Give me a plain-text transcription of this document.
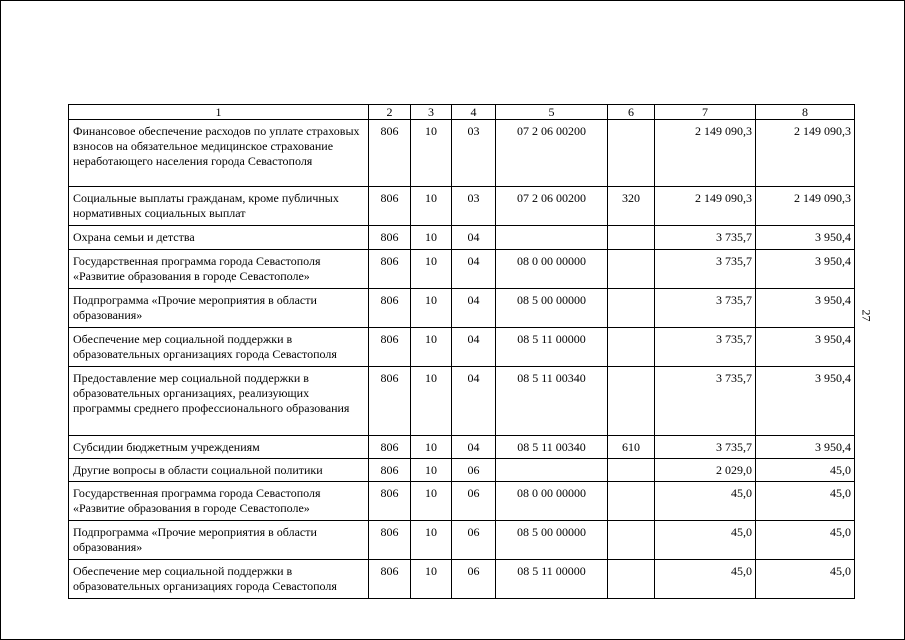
1	2	3	4	5	6	7	8
Финансовое обеспечение расходов по уплате страховых взносов на обязательное медицинское страхование неработающего населения города Севастополя	806	10	03	07 2 06 00200		2 149 090,3	2 149 090,3
Социальные выплаты гражданам, кроме публичных нормативных социальных выплат	806	10	03	07 2 06 00200	320	2 149 090,3	2 149 090,3
Охрана семьи и детства	806	10	04			3 735,7	3 950,4
Государственная программа города Севастополя «Развитие образования в городе Севастополе»	806	10	04	08 0 00 00000		3 735,7	3 950,4
Подпрограмма «Прочие мероприятия в области образования»	806	10	04	08 5 00 00000		3 735,7	3 950,4
Обеспечение мер социальной поддержки в образовательных организациях города Севастополя	806	10	04	08 5 11 00000		3 735,7	3 950,4
Предоставление мер социальной поддержки в образовательных организациях, реализующих программы среднего профессионального образования	806	10	04	08 5 11 00340		3 735,7	3 950,4
Субсидии бюджетным учреждениям	806	10	04	08 5 11 00340	610	3 735,7	3 950,4
Другие вопросы в области социальной политики	806	10	06			2 029,0	45,0
Государственная программа города Севастополя «Развитие образования в городе Севастополе»	806	10	06	08 0 00 00000		45,0	45,0
Подпрограмма «Прочие мероприятия в области образования»	806	10	06	08 5 00 00000		45,0	45,0
Обеспечение мер социальной поддержки в образовательных организациях города Севастополя	806	10	06	08 5 11 00000		45,0	45,0
27
